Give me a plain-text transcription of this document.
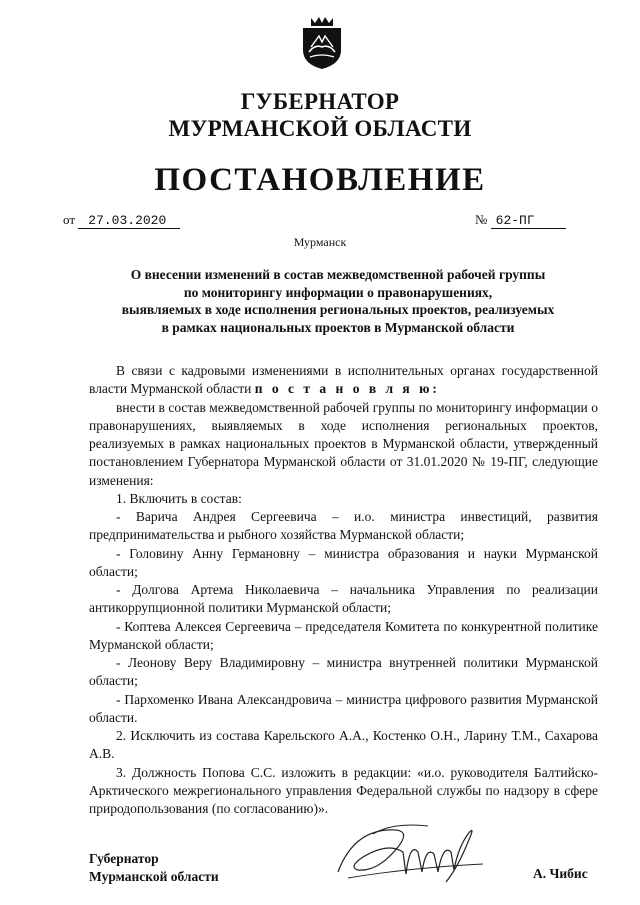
ГУБЕРНАТОР
МУРМАНСКОЙ ОБЛАСТИ
ПОСТАНОВЛЕНИЕ
от 27.03.2020	№ 62-ПГ
Мурманск
О внесении изменений в состав межведомственной рабочей группы
по мониторингу информации о правонарушениях,
выявляемых в ходе исполнения региональных проектов, реализуемых
в рамках национальных проектов в Мурманской области

В связи с кадровыми изменениями в исполнительных органах государственной власти Мурманской области п о с т а н о в л я ю:

внести в состав межведомственной рабочей группы по мониторингу информации о правонарушениях, выявляемых в ходе исполнения региональных проектов, реализуемых в рамках национальных проектов в Мурманской области, утвержденный постановлением Губернатора Мурманской области от 31.01.2020 № 19-ПГ, следующие изменения:

1. Включить в состав:

- Варича Андрея Сергеевича – и.о. министра инвестиций, развития предпринимательства и рыбного хозяйства Мурманской области;

- Головину Анну Германовну – министра образования и науки Мурманской области;

- Долгова Артема Николаевича – начальника Управления по реализации антикоррупционной политики Мурманской области;

- Коптева Алексея Сергеевича – председателя Комитета по конкурентной политике Мурманской области;

- Леонову Веру Владимировну – министра внутренней политики Мурманской области;

- Пархоменко Ивана Александровича – министра цифрового развития Мурманской области.

2. Исключить из состава Карельского А.А., Костенко О.Н., Ларину Т.М., Сахарова А.В.

3. Должность Попова С.С. изложить в редакции: «и.о. руководителя Балтийско-Арктического межрегионального управления Федеральной службы по надзору в сфере природопользования (по согласованию)».

Губернатор
Мурманской области	А. Чибис
